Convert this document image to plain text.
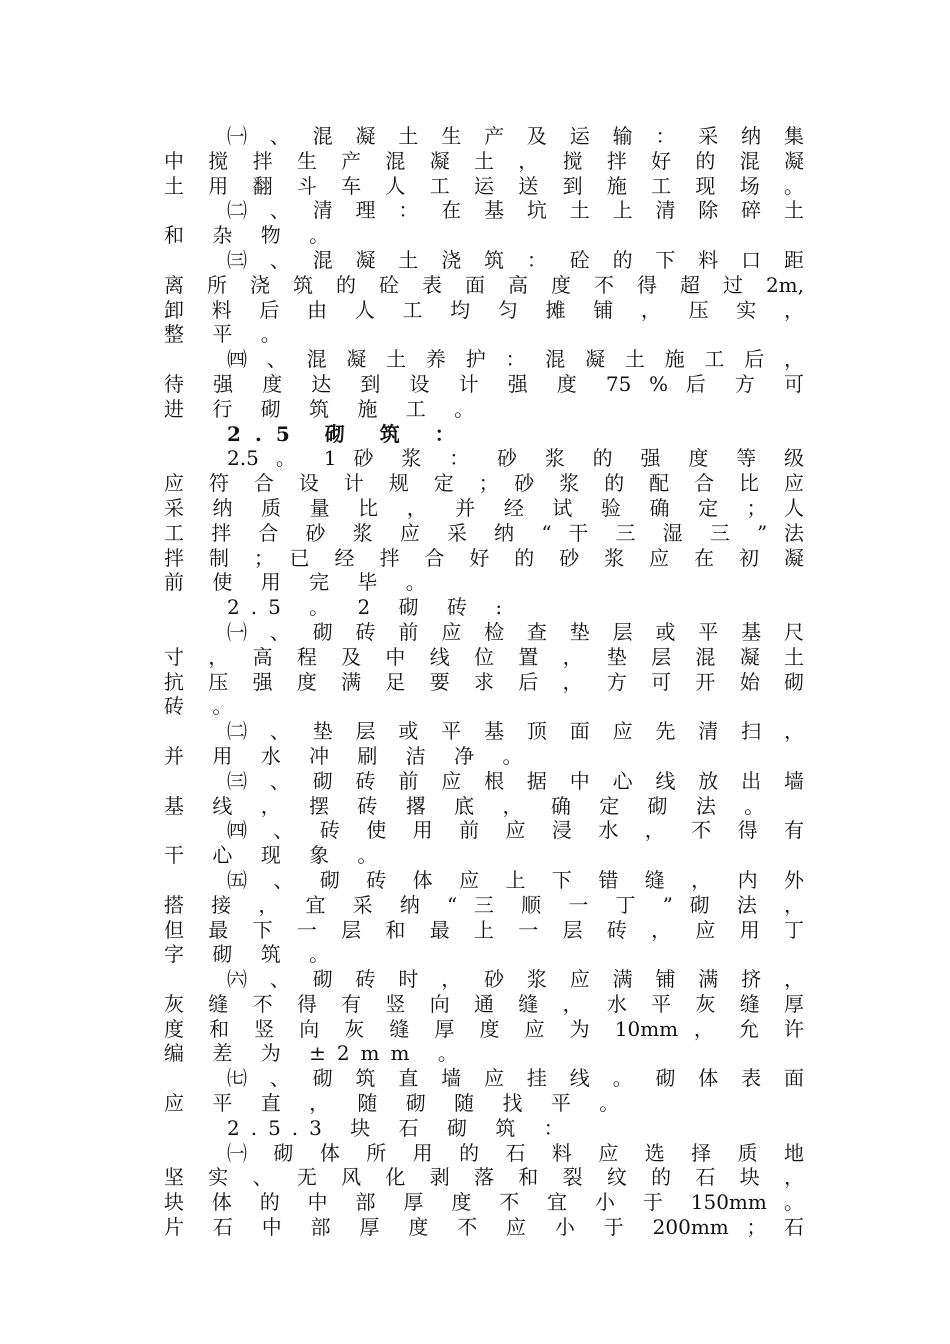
㈠ 、 混 凝 土 生 产 及 运 输 ： 采 纳 集
中 搅 拌 生 产 混 凝 土 ， 搅 拌 好 的 混 凝
土 用 翻 斗 车 人 工 运 送 到 施 工 现 场 。
㈡ 、 清 理 ： 在 基 坑 土 上 清 除 碎 土
和 杂 物 。
㈢ 、 混 凝 土 浇 筑 ： 砼 的 下 料 口 距
离 所 浇 筑 的 砼 表 面 高 度 不 得 超 过 2m,
卸 料 后 由 人 工 均 匀 摊 铺 ， 压 实 ，
整 平 。
㈣ 、 混 凝 土 养 护 ： 混 凝 土 施 工 后 ，
待 强 度 达 到 设 计 强 度 75 % 后 方 可
进 行 砌 筑 施 工 。
2.5 砌 筑 ：
2.5 。 1 砂 浆 ： 砂 浆 的 强 度 等 级
应 符 合 设 计 规 定 ； 砂 浆 的 配 合 比 应
采 纳 质 量 比 ， 并 经 试 验 确 定 ； 人
工 拌 合 砂 浆 应 采 纳 “ 干 三 湿 三 ” 法
拌 制 ； 已 经 拌 合 好 的 砂 浆 应 在 初 凝
前 使 用 完 毕 。
2.5 。 2 砌 砖 :
㈠ 、 砌 砖 前 应 检 查 垫 层 或 平 基 尺
寸 ， 高 程 及 中 线 位 置 ， 垫 层 混 凝 土
抗 压 强 度 满 足 要 求 后 ， 方 可 开 始 砌
砖 。
㈡ 、 垫 层 或 平 基 顶 面 应 先 清 扫 ，
并 用 水 冲 刷 洁 净 。
㈢ 、 砌 砖 前 应 根 据 中 心 线 放 出 墙
基 线 ， 摆 砖 撂 底 ， 确 定 砌 法 。
㈣ 、 砖 使 用 前 应 浸 水 ， 不 得 有
干 心 现 象 。
㈤ 、 砌 砖 体 应 上 下 错 缝 ， 内 外
搭 接 ， 宜 采 纳 “ 三 顺 一 丁 ” 砌 法 ，
但 最 下 一 层 和 最 上 一 层 砖 ， 应 用 丁
字 砌 筑 。
㈥ 、 砌 砖 时 ， 砂 浆 应 满 铺 满 挤 ，
灰 缝 不 得 有 竖 向 通 缝 ， 水 平 灰 缝 厚
度 和 竖 向 灰 缝 厚 度 应 为 10mm ， 允 许
编 差 为 ±2mm 。
㈦ 、 砌 筑 直 墙 应 挂 线 。 砌 体 表 面
应 平 直 ， 随 砌 随 找 平 。
2.5.3 块 石 砌 筑 ：
㈠ 砌 体 所 用 的 石 料 应 选 择 质 地
坚 实 、 无 风 化 剥 落 和 裂 纹 的 石 块 ，
块 体 的 中 部 厚 度 不 宜 小 于 150mm 。
片 石 中 部 厚 度 不 应 小 于 200mm ； 石
